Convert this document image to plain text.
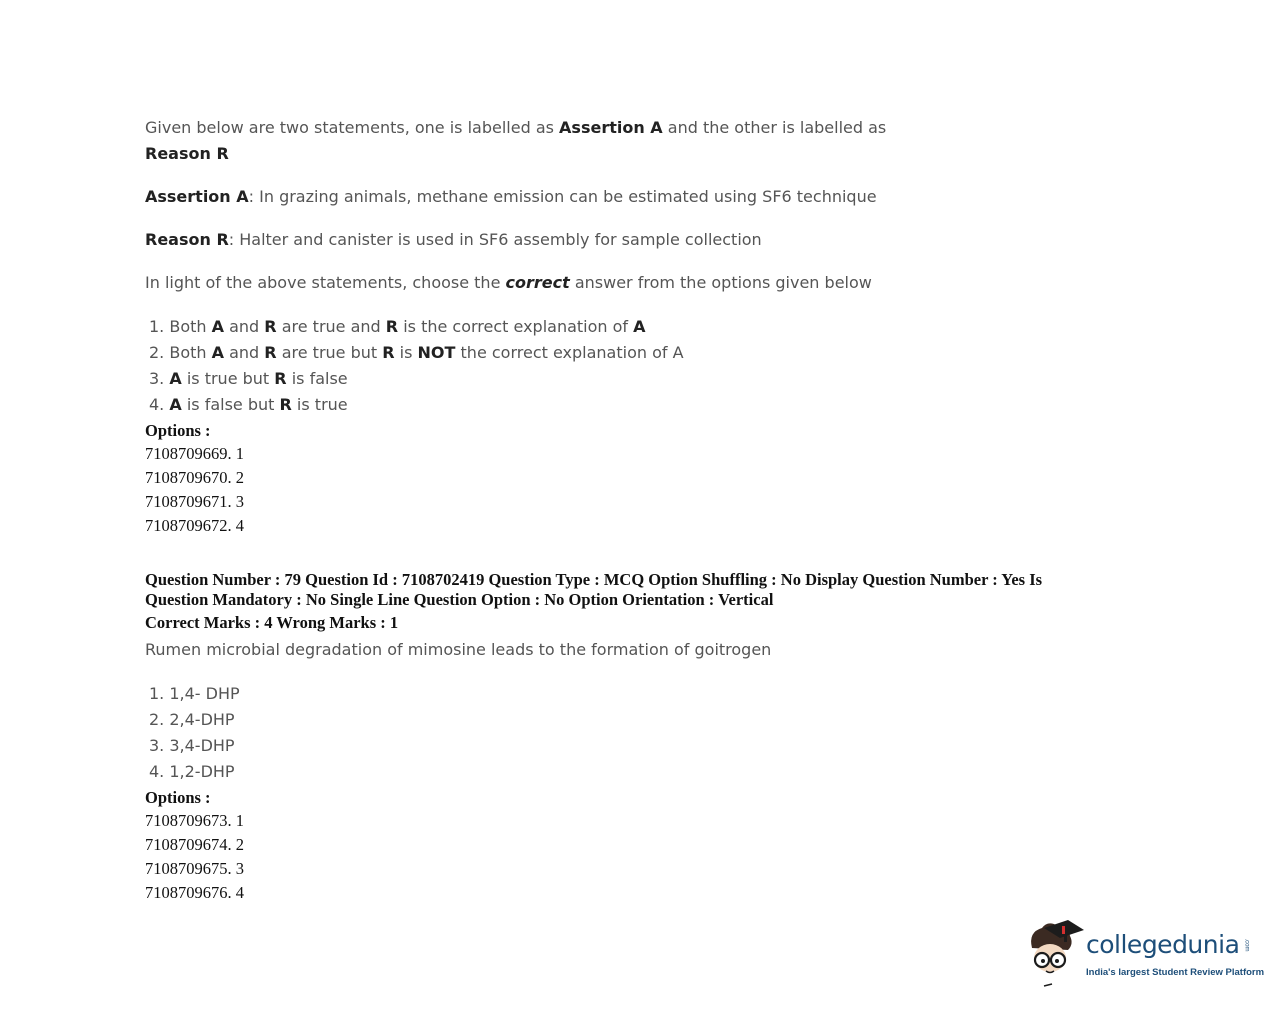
Given below are two statements, one is labelled as Assertion A and the other is labelled as
Reason R
Assertion A: In grazing animals, methane emission can be estimated using SF6 technique
Reason R: Halter and canister is used in SF6 assembly for sample collection
In light of the above statements, choose the correct answer from the options given below
1. Both A and R are true and R is the correct explanation of A
2. Both A and R are true but R is NOT the correct explanation of A
3. A is true but R is false
4. A is false but R is true
Options :
7108709669. 1
7108709670. 2
7108709671. 3
7108709672. 4
Question Number : 79 Question Id : 7108702419 Question Type : MCQ Option Shuffling : No Display Question Number : Yes Is
Question Mandatory : No Single Line Question Option : No Option Orientation : Vertical
Correct Marks : 4 Wrong Marks : 1
Rumen microbial degradation of mimosine leads to the formation of goitrogen
1. 1,4- DHP
2. 2,4-DHP
3. 3,4-DHP
4. 1,2-DHP
Options :
7108709673. 1
7108709674. 2
7108709675. 3
7108709676. 4
collegedunia .com
India's largest Student Review Platform
